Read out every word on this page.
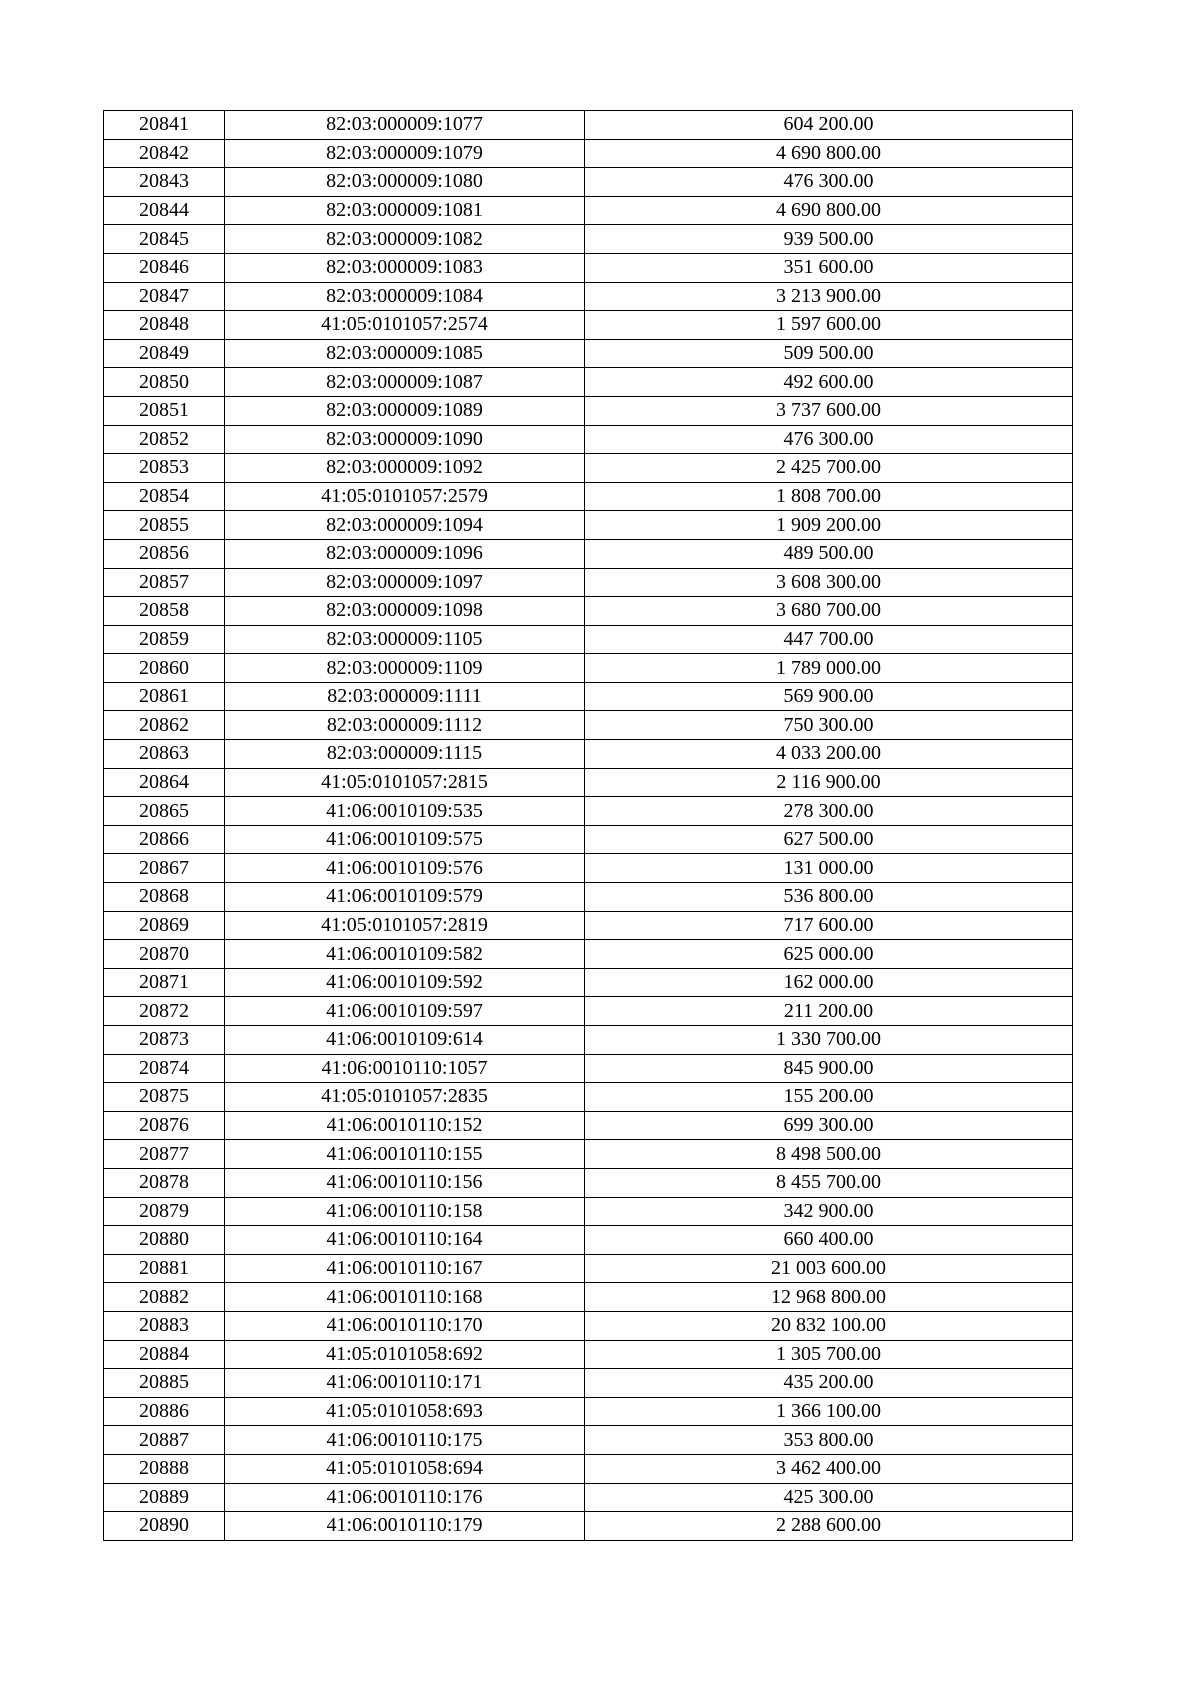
20841	82:03:000009:1077	604 200.00
20842	82:03:000009:1079	4 690 800.00
20843	82:03:000009:1080	476 300.00
20844	82:03:000009:1081	4 690 800.00
20845	82:03:000009:1082	939 500.00
20846	82:03:000009:1083	351 600.00
20847	82:03:000009:1084	3 213 900.00
20848	41:05:0101057:2574	1 597 600.00
20849	82:03:000009:1085	509 500.00
20850	82:03:000009:1087	492 600.00
20851	82:03:000009:1089	3 737 600.00
20852	82:03:000009:1090	476 300.00
20853	82:03:000009:1092	2 425 700.00
20854	41:05:0101057:2579	1 808 700.00
20855	82:03:000009:1094	1 909 200.00
20856	82:03:000009:1096	489 500.00
20857	82:03:000009:1097	3 608 300.00
20858	82:03:000009:1098	3 680 700.00
20859	82:03:000009:1105	447 700.00
20860	82:03:000009:1109	1 789 000.00
20861	82:03:000009:1111	569 900.00
20862	82:03:000009:1112	750 300.00
20863	82:03:000009:1115	4 033 200.00
20864	41:05:0101057:2815	2 116 900.00
20865	41:06:0010109:535	278 300.00
20866	41:06:0010109:575	627 500.00
20867	41:06:0010109:576	131 000.00
20868	41:06:0010109:579	536 800.00
20869	41:05:0101057:2819	717 600.00
20870	41:06:0010109:582	625 000.00
20871	41:06:0010109:592	162 000.00
20872	41:06:0010109:597	211 200.00
20873	41:06:0010109:614	1 330 700.00
20874	41:06:0010110:1057	845 900.00
20875	41:05:0101057:2835	155 200.00
20876	41:06:0010110:152	699 300.00
20877	41:06:0010110:155	8 498 500.00
20878	41:06:0010110:156	8 455 700.00
20879	41:06:0010110:158	342 900.00
20880	41:06:0010110:164	660 400.00
20881	41:06:0010110:167	21 003 600.00
20882	41:06:0010110:168	12 968 800.00
20883	41:06:0010110:170	20 832 100.00
20884	41:05:0101058:692	1 305 700.00
20885	41:06:0010110:171	435 200.00
20886	41:05:0101058:693	1 366 100.00
20887	41:06:0010110:175	353 800.00
20888	41:05:0101058:694	3 462 400.00
20889	41:06:0010110:176	425 300.00
20890	41:06:0010110:179	2 288 600.00
